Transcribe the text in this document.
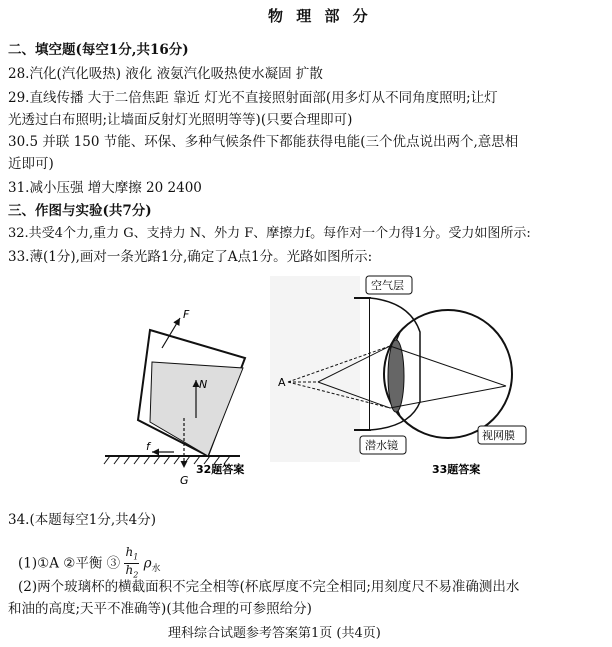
物 理 部 分
二、填空题(每空1分,共16分)
28.汽化(汽化吸热) 液化 液氨汽化吸热使水凝固 扩散
29.直线传播 大于二倍焦距 靠近 灯光不直接照射面部(用多灯从不同角度照明;让灯
光透过白布照明;让墙面反射灯光照明等等)(只要合理即可)
30.5 并联 150 节能、环保、多种气候条件下都能获得电能(三个优点说出两个,意思相
近即可)
31.减小压强 增大摩擦 20 2400
三、作图与实验(共7分)
32.共受4个力,重力 G、支持力 N、外力 F、摩擦力f。每作对一个力得1分。受力如图所示:
33.薄(1分),画对一条光路1分,确定了A点1分。光路如图所示:
F
N
G
f
32题答案
A
空气层
潜水镜
视网膜
33题答案
34.(本题每空1分,共4分)
(1)①A ②平衡 ③ $\frac{h_1}{h_2} \rho_水$
(2)两个玻璃杯的横截面积不完全相等(杯底厚度不完全相同;用刻度尺不易准确测出水
和油的高度;天平不准确等)(其他合理的可参照给分)
理科综合试题参考答案第1页 (共4页)
